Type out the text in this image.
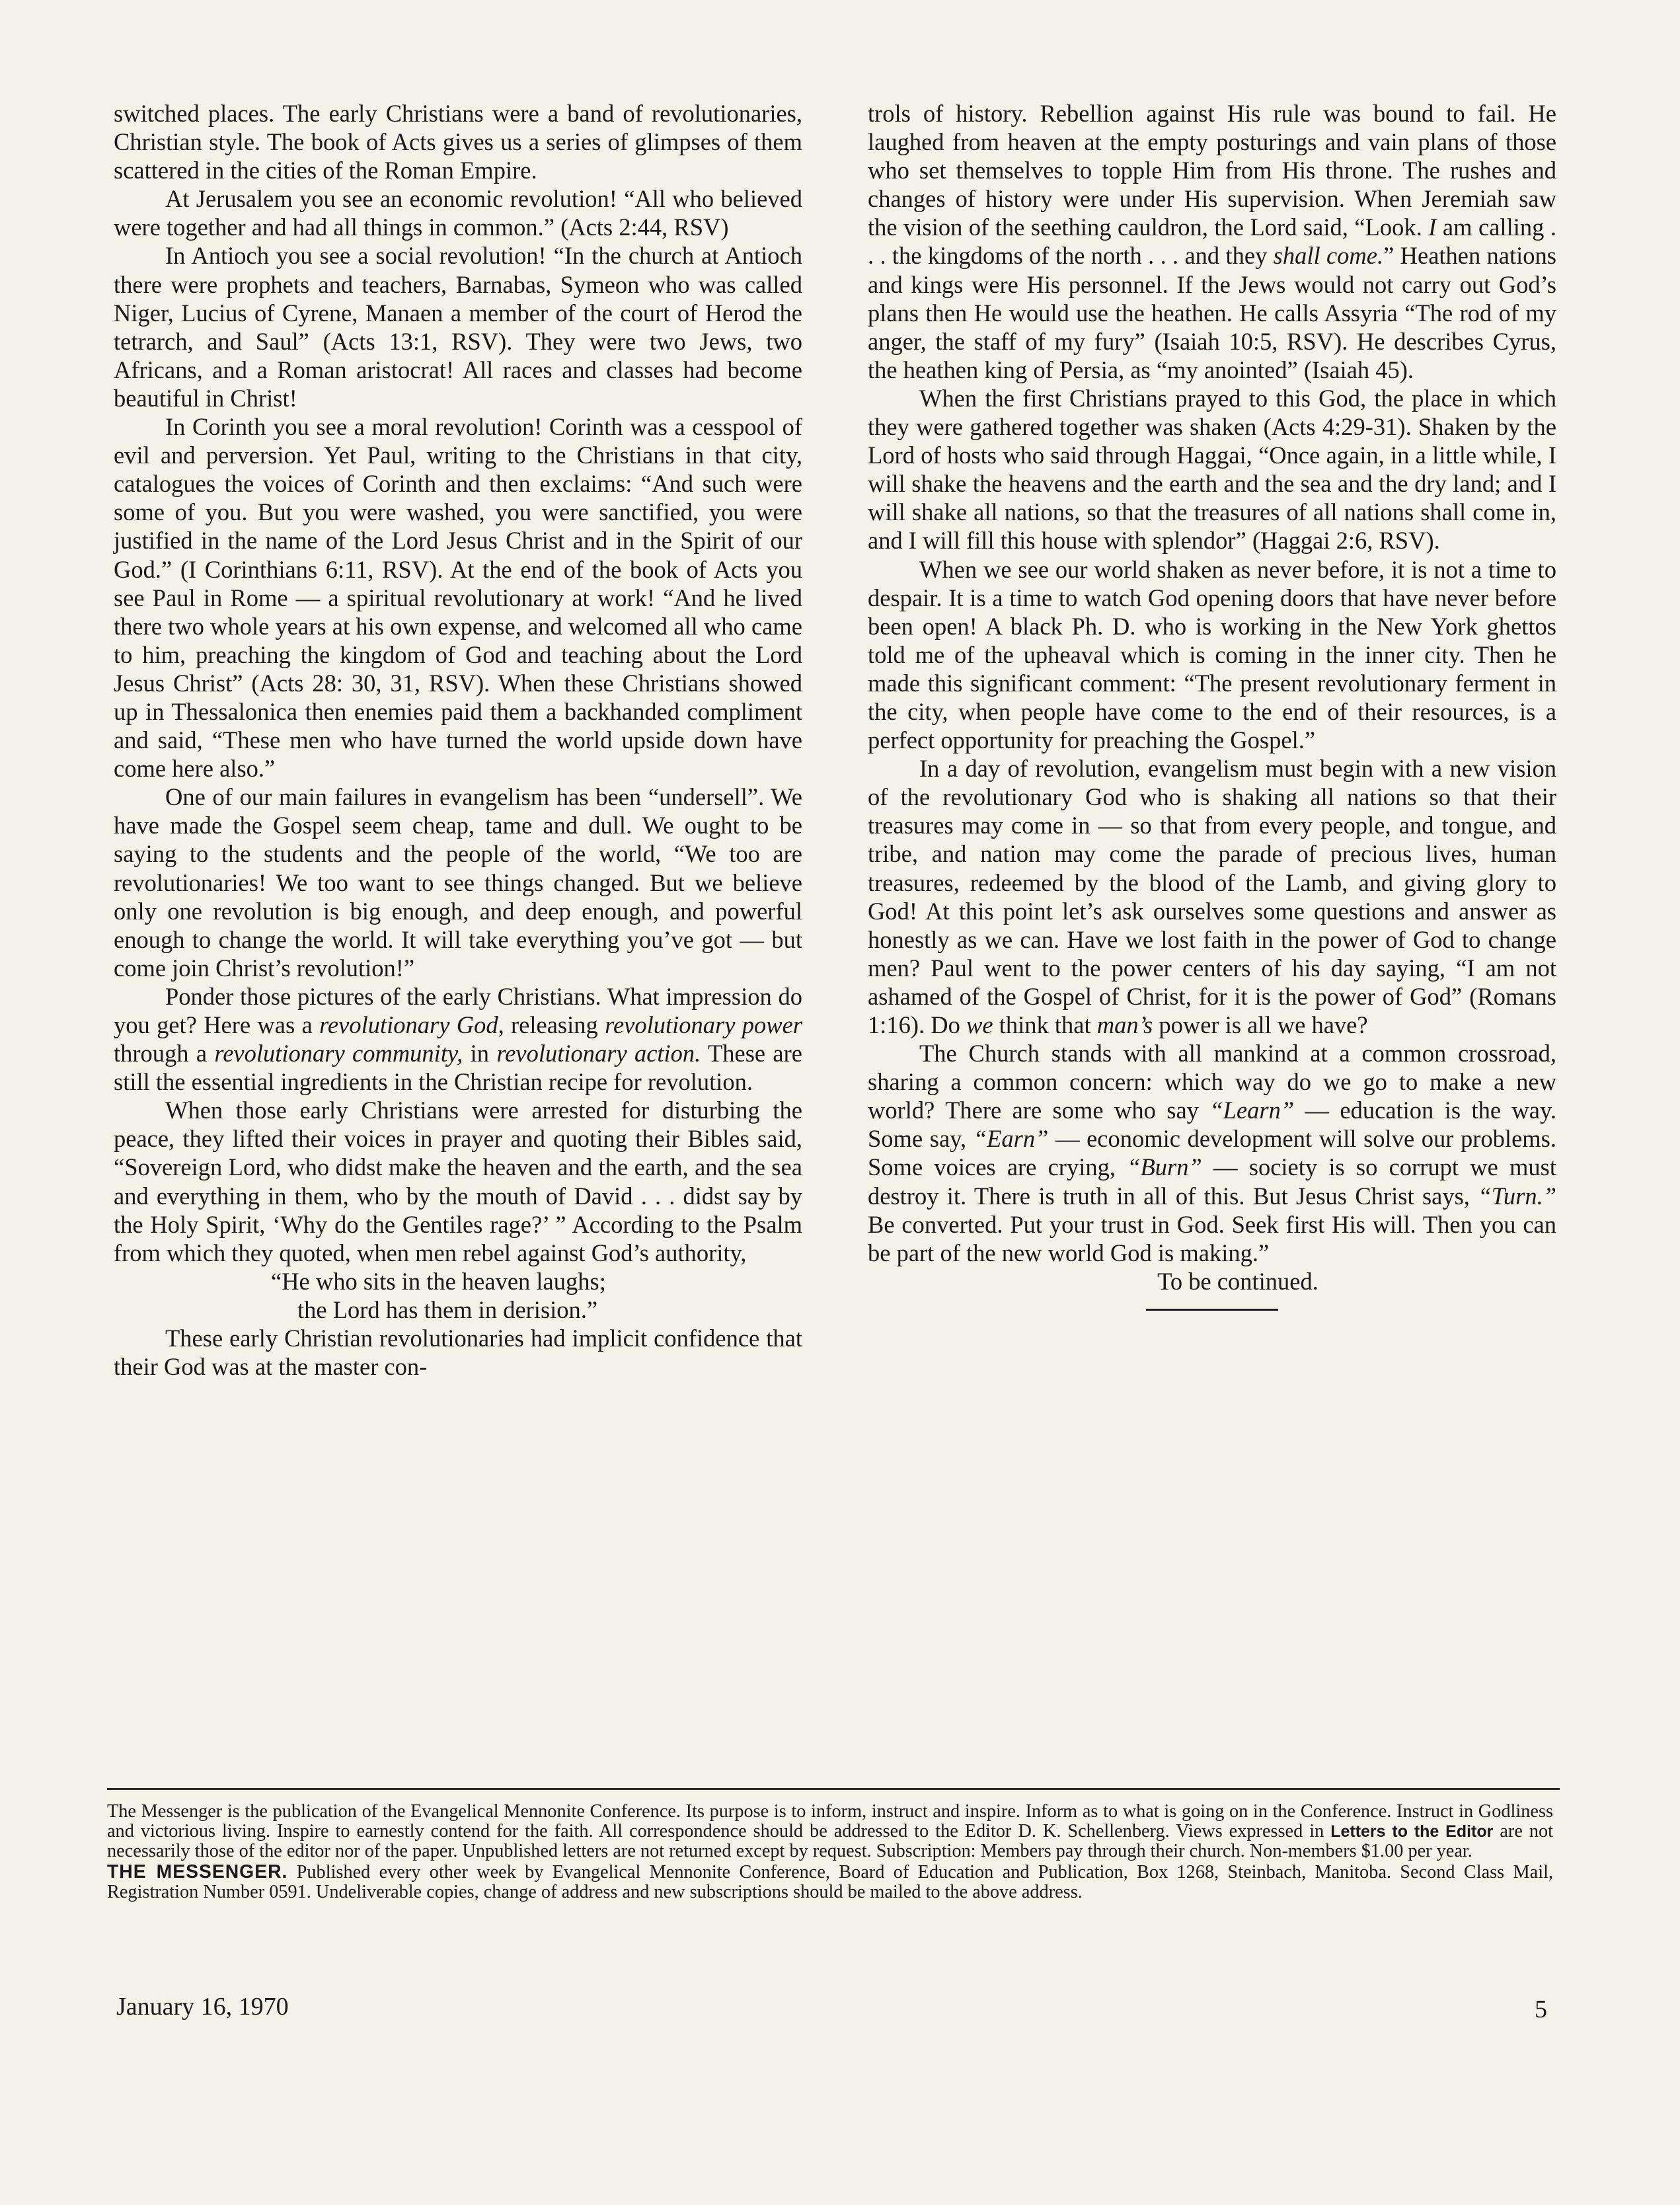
switched places. The early Christians were a band of revolutionaries, Christian style. The book of Acts gives us a series of glimpses of them scattered in the cities of the Roman Empire.

At Jerusalem you see an economic revolution! “All who believed were together and had all things in common.” (Acts 2:44, RSV)

In Antioch you see a social revolution! “In the church at Antioch there were prophets and teachers, Barnabas, Symeon who was called Niger, Lucius of Cyrene, Manaen a member of the court of Herod the tetrarch, and Saul” (Acts 13:1, RSV). They were two Jews, two Africans, and a Roman aristocrat! All races and classes had become beautiful in Christ!

In Corinth you see a moral revolution! Corinth was a cesspool of evil and perversion. Yet Paul, writing to the Christians in that city, catalogues the voices of Corinth and then exclaims: “And such were some of you. But you were washed, you were sanctified, you were justified in the name of the Lord Jesus Christ and in the Spirit of our God.” (I Corinthians 6:11, RSV). At the end of the book of Acts you see Paul in Rome — a spiritual revolutionary at work! “And he lived there two whole years at his own expense, and welcomed all who came to him, preaching the kingdom of God and teaching about the Lord Jesus Christ” (Acts 28: 30, 31, RSV). When these Christians showed up in Thessalonica then enemies paid them a backhanded compliment and said, “These men who have turned the world upside down have come here also.”

One of our main failures in evangelism has been “undersell”. We have made the Gospel seem cheap, tame and dull. We ought to be saying to the students and the people of the world, “We too are revolutionaries! We too want to see things changed. But we believe only one revolution is big enough, and deep enough, and powerful enough to change the world. It will take everything you’ve got — but come join Christ’s revolution!”

Ponder those pictures of the early Christians. What impression do you get? Here was a revolutionary God, releasing revolutionary power through a revolutionary community, in revolutionary action. These are still the essential ingredients in the Christian recipe for revolution.

When those early Christians were arrested for disturbing the peace, they lifted their voices in prayer and quoting their Bibles said, “Sovereign Lord, who didst make the heaven and the earth, and the sea and everything in them, who by the mouth of David . . . didst say by the Holy Spirit, ‘Why do the Gentiles rage?’ ” According to the Psalm from which they quoted, when men rebel against God’s authority,

“He who sits in the heaven laughs;

the Lord has them in derision.”

These early Christian revolutionaries had implicit confidence that their God was at the master con-

trols of history. Rebellion against His rule was bound to fail. He laughed from heaven at the empty posturings and vain plans of those who set themselves to topple Him from His throne. The rushes and changes of history were under His supervision. When Jeremiah saw the vision of the seething cauldron, the Lord said, “Look. I am calling . . . the kingdoms of the north . . . and they shall come.” Heathen nations and kings were His personnel. If the Jews would not carry out God’s plans then He would use the heathen. He calls Assyria “The rod of my anger, the staff of my fury” (Isaiah 10:5, RSV). He describes Cyrus, the heathen king of Persia, as “my anointed” (Isaiah 45).

When the first Christians prayed to this God, the place in which they were gathered together was shaken (Acts 4:29-31). Shaken by the Lord of hosts who said through Haggai, “Once again, in a little while, I will shake the heavens and the earth and the sea and the dry land; and I will shake all nations, so that the treasures of all nations shall come in, and I will fill this house with splendor” (Haggai 2:6, RSV).

When we see our world shaken as never before, it is not a time to despair. It is a time to watch God opening doors that have never before been open! A black Ph. D. who is working in the New York ghettos told me of the upheaval which is coming in the inner city. Then he made this significant comment: “The present revolutionary ferment in the city, when people have come to the end of their resources, is a perfect opportunity for preaching the Gospel.”

In a day of revolution, evangelism must begin with a new vision of the revolutionary God who is shaking all nations so that their treasures may come in — so that from every people, and tongue, and tribe, and nation may come the parade of precious lives, human treasures, redeemed by the blood of the Lamb, and giving glory to God! At this point let’s ask ourselves some questions and answer as honestly as we can. Have we lost faith in the power of God to change men? Paul went to the power centers of his day saying, “I am not ashamed of the Gospel of Christ, for it is the power of God” (Romans 1:16). Do we think that man’s power is all we have?

The Church stands with all mankind at a common crossroad, sharing a common concern: which way do we go to make a new world? There are some who say “Learn” — education is the way. Some say, “Earn” — economic development will solve our problems. Some voices are crying, “Burn” — society is so corrupt we must destroy it. There is truth in all of this. But Jesus Christ says, “Turn.” Be converted. Put your trust in God. Seek first His will. Then you can be part of the new world God is making.”

To be continued.

The Messenger is the publication of the Evangelical Mennonite Conference. Its purpose is to inform, instruct and inspire. Inform as to what is going on in the Conference. Instruct in Godliness and victorious living. Inspire to earnestly contend for the faith. All correspondence should be addressed to the Editor D. K. Schellenberg. Views expressed in Letters to the Editor are not necessarily those of the editor nor of the paper. Unpublished letters are not returned except by request. Subscription: Members pay through their church. Non-members $1.00 per year.

THE MESSENGER. Published every other week by Evangelical Mennonite Conference, Board of Education and Publication, Box 1268, Steinbach, Manitoba. Second Class Mail, Registration Number 0591. Undeliverable copies, change of address and new subscriptions should be mailed to the above address.

January 16, 1970	5
